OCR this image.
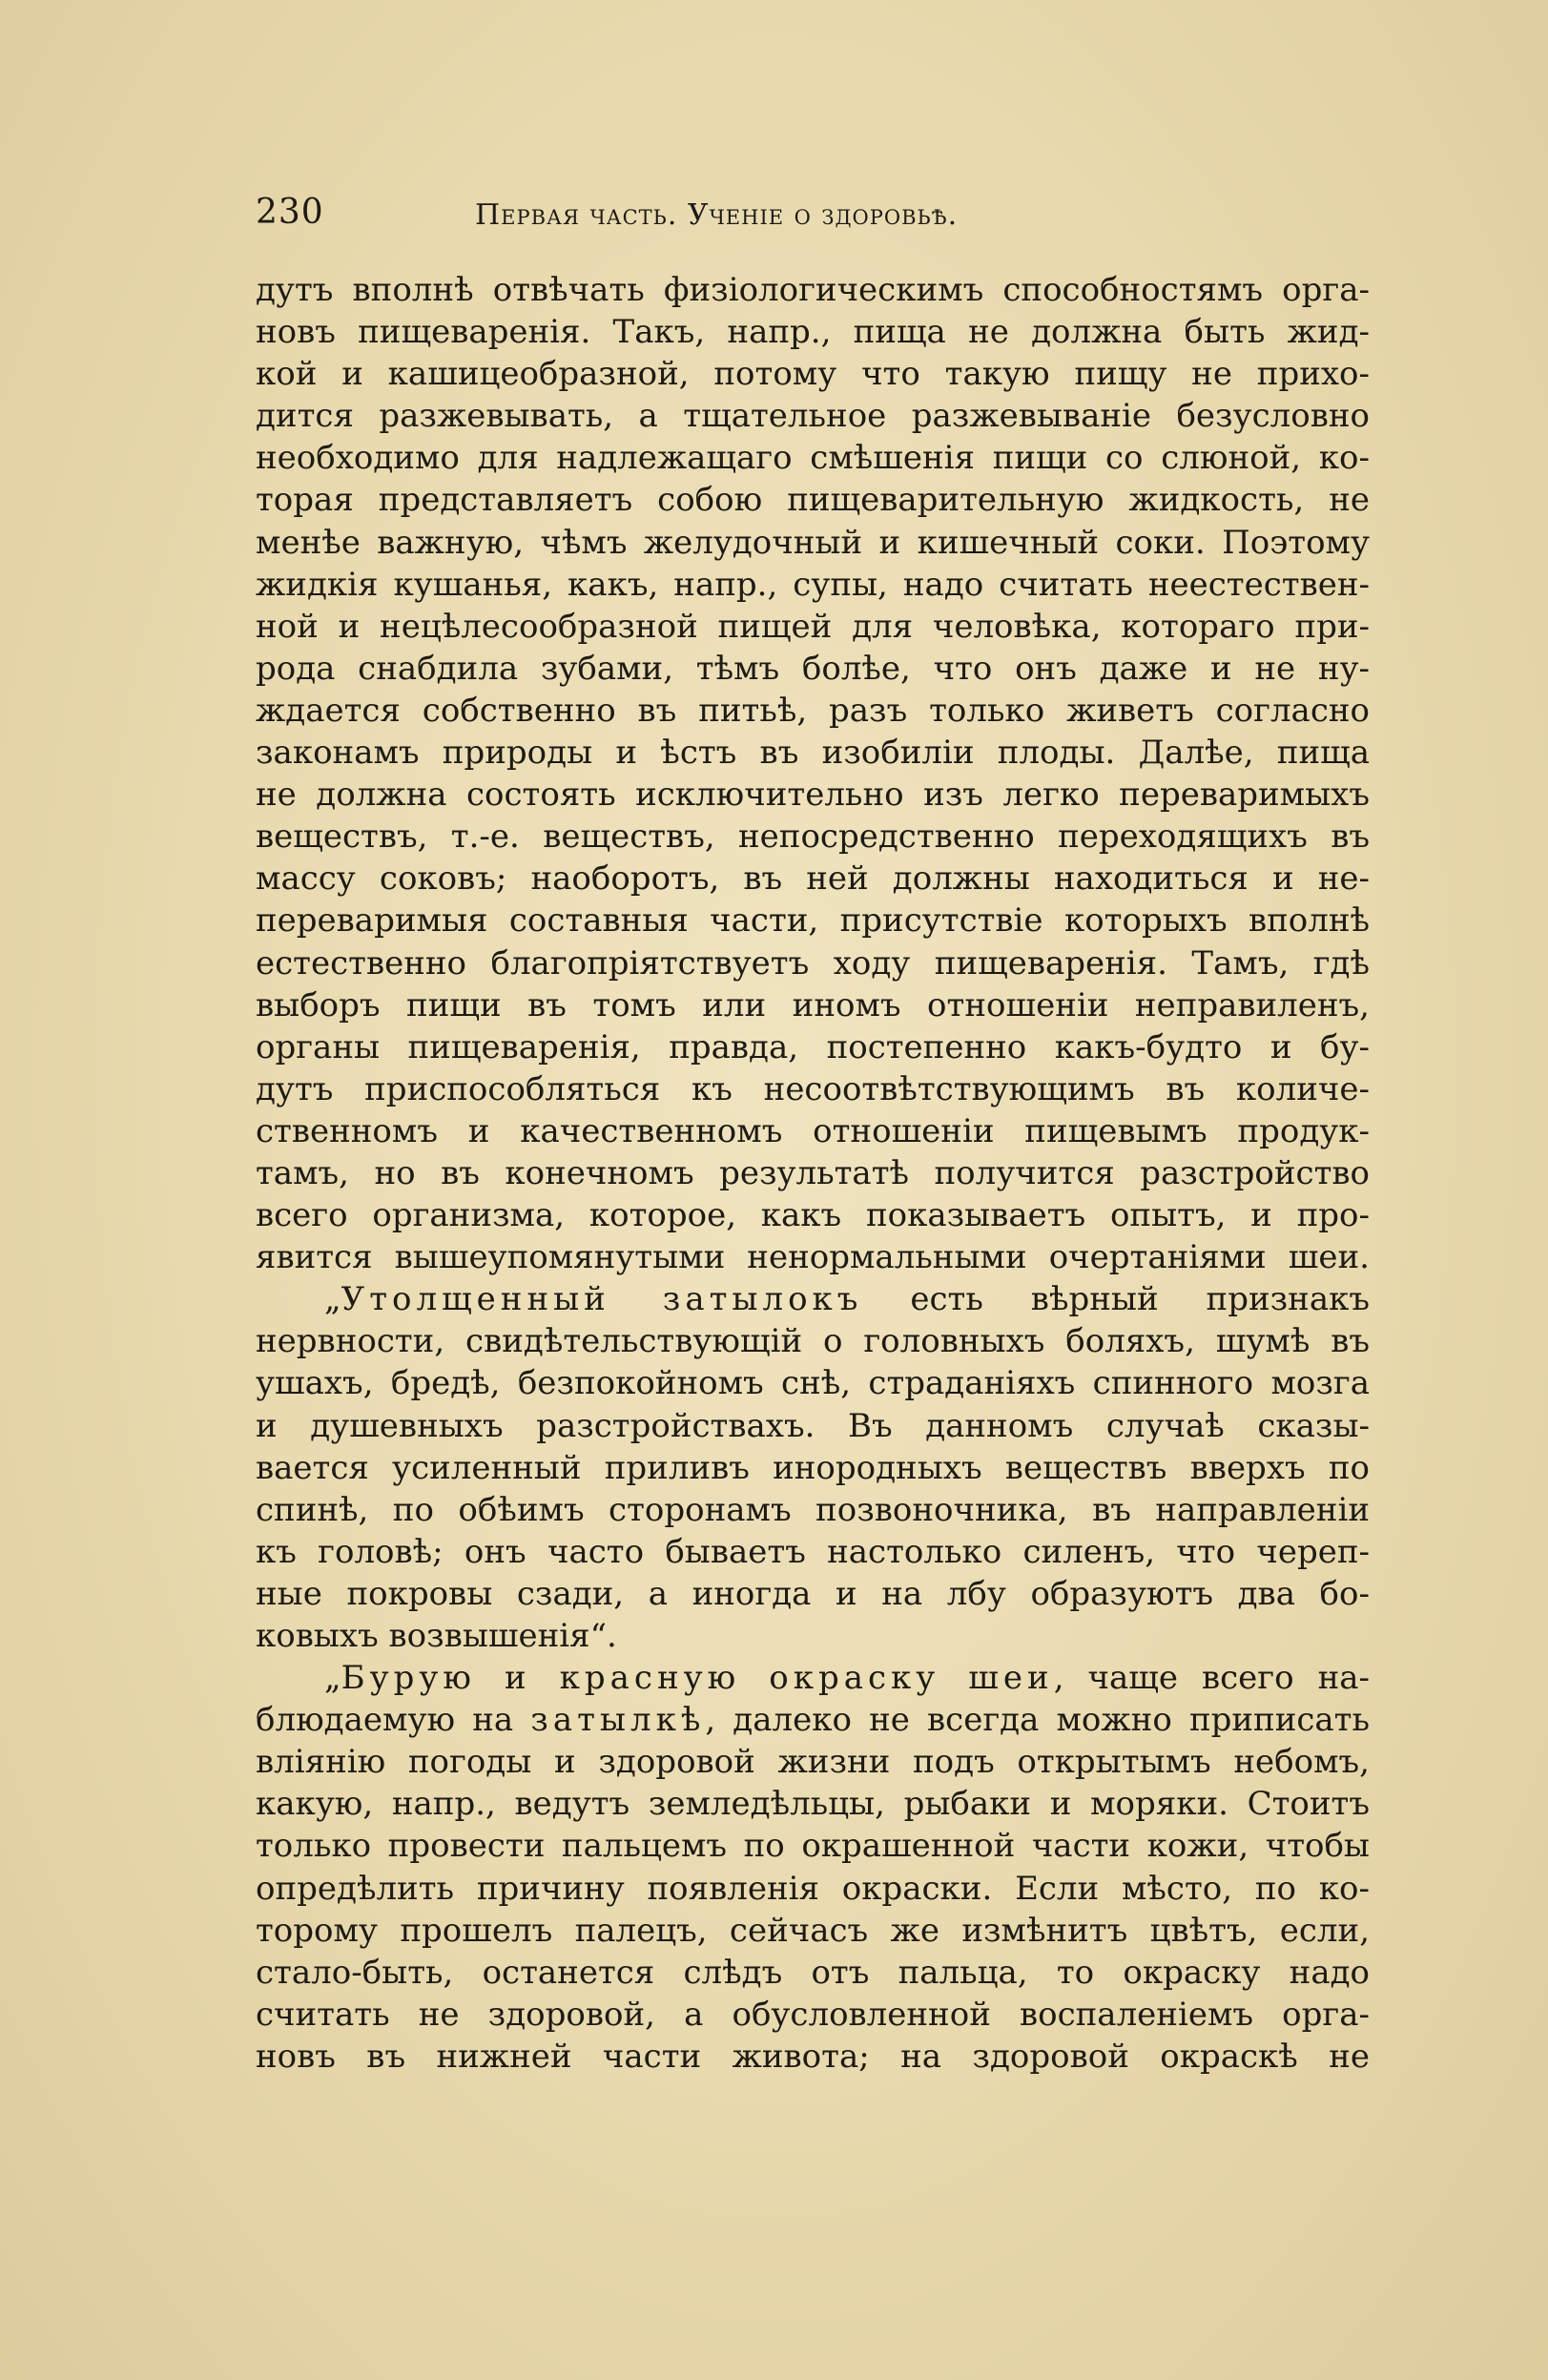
230	Первая часть. Ученіе о здоровьѣ.
дутъ вполнѣ отвѣчать физіологическимъ способностямъ орга-
новъ пищеваренія. Такъ, напр., пища не должна быть жид-
кой и кашицеобразной, потому что такую пищу не прихо-
дится разжевывать, а тщательное разжевываніе безусловно
необходимо для надлежащаго смѣшенія пищи со слюной, ко-
торая представляетъ собою пищеварительную жидкость, не
менѣе важную, чѣмъ желудочный и кишечный соки. Поэтому
жидкія кушанья, какъ, напр., супы, надо считать неестествен-
ной и нецѣлесообразной пищей для человѣка, котораго при-
рода снабдила зубами, тѣмъ болѣе, что онъ даже и не ну-
ждается собственно въ питьѣ, разъ только живетъ согласно
законамъ природы и ѣстъ въ изобиліи плоды. Далѣе, пища
не должна состоять исключительно изъ легко переваримыхъ
веществъ, т.-е. веществъ, непосредственно переходящихъ въ
массу соковъ; наоборотъ, въ ней должны находиться и не-
переваримыя составныя части, присутствіе которыхъ вполнѣ
естественно благопріятствуетъ ходу пищеваренія. Тамъ, гдѣ
выборъ пищи въ томъ или иномъ отношеніи неправиленъ,
органы пищеваренія, правда, постепенно какъ-будто и бу-
дутъ приспособляться къ несоотвѣтствующимъ въ количе-
ственномъ и качественномъ отношеніи пищевымъ продук-
тамъ, но въ конечномъ результатѣ получится разстройство
всего организма, которое, какъ показываетъ опытъ, и про-
явится вышеупомянутыми ненормальными очертаніями шеи.
„Утолщенный затылокъ есть вѣрный признакъ
нервности, свидѣтельствующій о головныхъ боляхъ, шумѣ въ
ушахъ, бредѣ, безпокойномъ снѣ, страданіяхъ спинного мозга
и душевныхъ разстройствахъ. Въ данномъ случаѣ сказы-
вается усиленный приливъ инородныхъ веществъ вверхъ по
спинѣ, по обѣимъ сторонамъ позвоночника, въ направленіи
къ головѣ; онъ часто бываетъ настолько силенъ, что череп-
ные покровы сзади, а иногда и на лбу образуютъ два бо-
ковыхъ возвышенія“.
„Бурую и красную окраску шеи, чаще всего на-
блюдаемую на затылкѣ, далеко не всегда можно приписать
вліянію погоды и здоровой жизни подъ открытымъ небомъ,
какую, напр., ведутъ земледѣльцы, рыбаки и моряки. Стоитъ
только провести пальцемъ по окрашенной части кожи, чтобы
опредѣлить причину появленія окраски. Если мѣсто, по ко-
торому прошелъ палецъ, сейчасъ же измѣнитъ цвѣтъ, если,
стало-быть, останется слѣдъ отъ пальца, то окраску надо
считать не здоровой, а обусловленной воспаленіемъ орга-
новъ въ нижней части живота; на здоровой окраскѣ не
